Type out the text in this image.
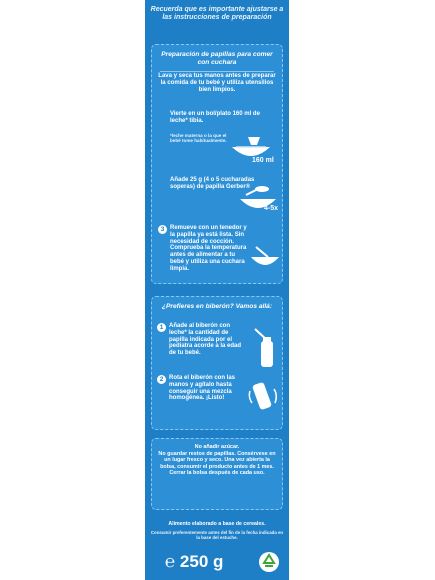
Recuerda que es importante ajustarse a las instrucciones de preparación
Preparación de papillas para comer con cuchara
Lava y seca tus manos antes de preparar la comida de tu bebé y utiliza utensilios bien limpios.
Vierte en un bol/plato 160 ml de leche* tibia.
*leche materna o la que el bebé tome habitualmente.
160 ml
Añade 25 g (4 o 5 cucharadas soperas) de papilla Gerber®
4-5x
3 Remueve con un tenedor y la papilla ya está lista. Sin necesidad de cocción. Comprueba la temperatura antes de alimentar a tu bebé y utiliza una cuchara limpia.
¿Prefieres en biberón? Vamos allá:
1 Añade al biberón con leche* la cantidad de papilla indicada por el pediatra acorde a la edad de tu bebé.
2 Rota el biberón con las manos y agítalo hasta conseguir una mezcla homogénea. ¡Listo!
No añadir azúcar.
No guardar restos de papillas. Consérvese en un lugar fresco y seco. Una vez abierta la bolsa, consumir el producto antes de 1 mes. Cerrar la bolsa después de cada uso.
Alimento elaborado a base de cereales.
Consumir preferentemente antes del fin de la fecha indicada en la base del estuche.
℮ 250 g
